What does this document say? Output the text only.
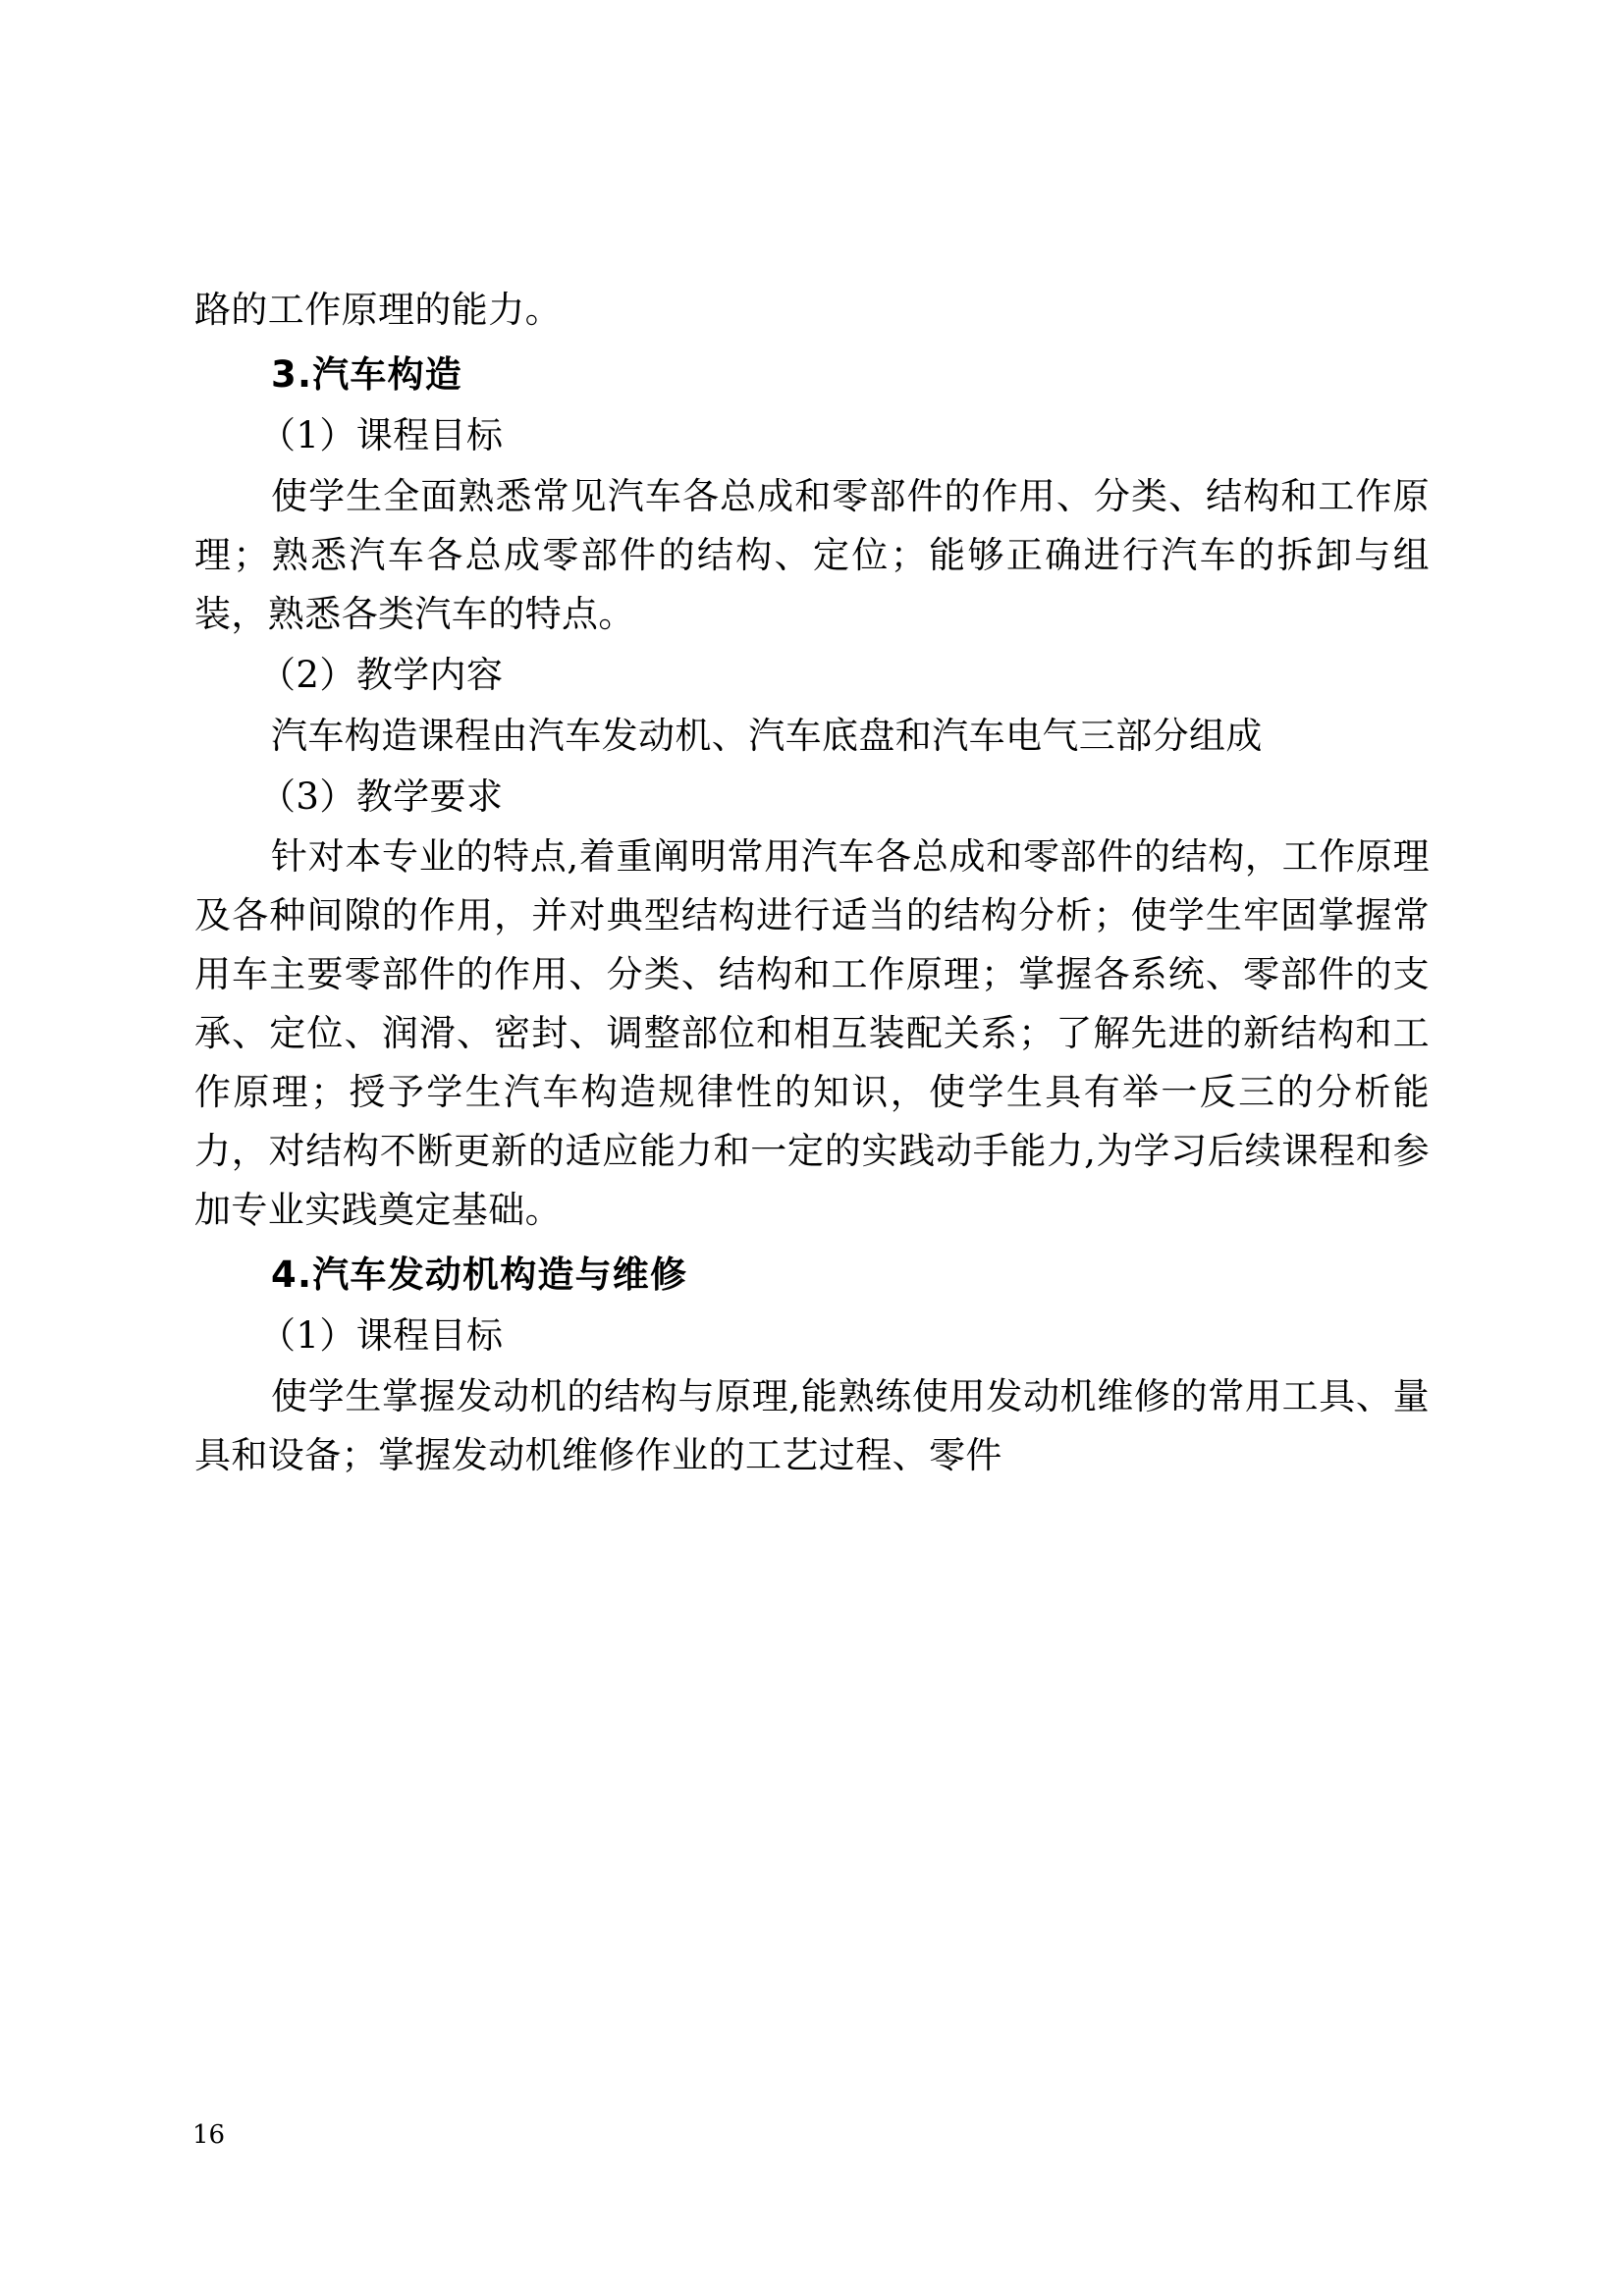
路的工作原理的能力。

3.汽车构造

（1）课程目标

使学生全面熟悉常见汽车各总成和零部件的作用、分类、结构和工作原理；熟悉汽车各总成零部件的结构、定位；能够正确进行汽车的拆卸与组装，熟悉各类汽车的特点。

（2）教学内容

汽车构造课程由汽车发动机、汽车底盘和汽车电气三部分组成

（3）教学要求

针对本专业的特点,着重阐明常用汽车各总成和零部件的结构，工作原理及各种间隙的作用，并对典型结构进行适当的结构分析；使学生牢固掌握常用车主要零部件的作用、分类、结构和工作原理；掌握各系统、零部件的支承、定位、润滑、密封、调整部位和相互装配关系；了解先进的新结构和工作原理；授予学生汽车构造规律性的知识，使学生具有举一反三的分析能力，对结构不断更新的适应能力和一定的实践动手能力,为学习后续课程和参加专业实践奠定基础。

4.汽车发动机构造与维修

（1）课程目标

使学生掌握发动机的结构与原理,能熟练使用发动机维修的常用工具、量具和设备；掌握发动机维修作业的工艺过程、零件

16
